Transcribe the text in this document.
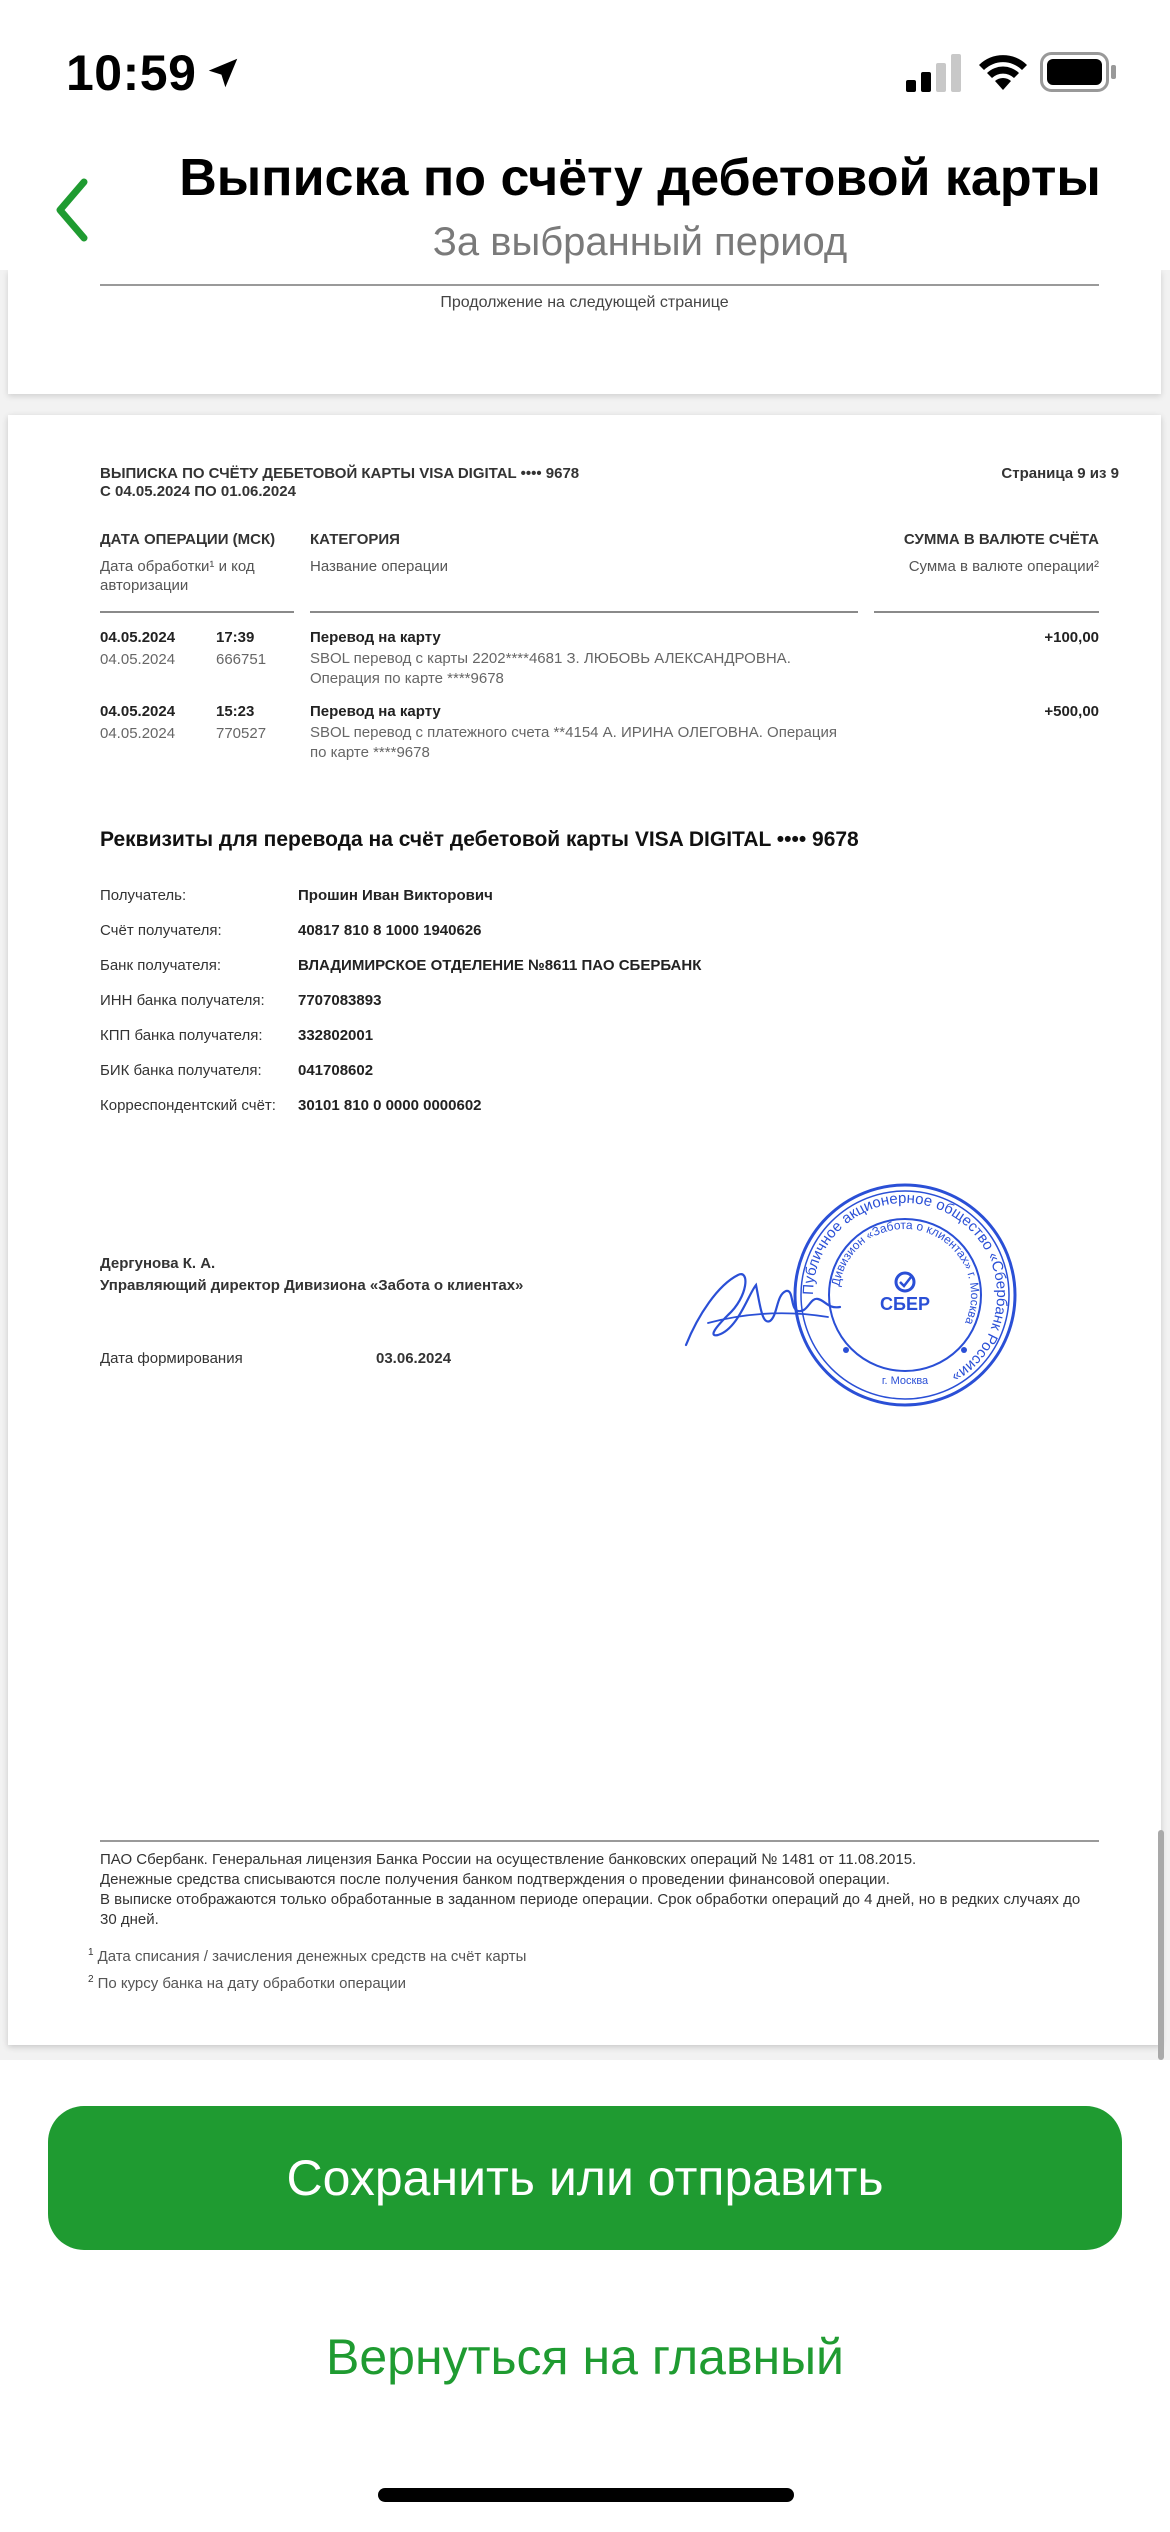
10:59
Выписка по счёту дебетовой карты
За выбранный период
Продолжение на следующей странице
ВЫПИСКА ПО СЧЁТУ ДЕБЕТОВОЙ КАРТЫ VISA DIGITAL •••• 9678
С 04.05.2024 ПО 01.06.2024
Страница 9 из 9
ДАТА ОПЕРАЦИИ (МСК)
Дата обработки¹ и код авторизации
КАТЕГОРИЯ
Название операции
СУММА В ВАЛЮТЕ СЧЁТА
Сумма в валюте операции²
04.05.2024	17:39
04.05.2024	666751
Перевод на карту
SBOL перевод с карты 2202****4681 З. ЛЮБОВЬ АЛЕКСАНДРОВНА. Операция по карте ****9678
+100,00
04.05.2024	15:23
04.05.2024	770527
Перевод на карту
SBOL перевод с платежного счета **4154 А. ИРИНА ОЛЕГОВНА. Операция по карте ****9678
+500,00
Реквизиты для перевода на счёт дебетовой карты VISA DIGITAL •••• 9678
Получатель:	Прошин Иван Викторович
Счёт получателя:	40817 810 8 1000 1940626
Банк получателя:	ВЛАДИМИРСКОЕ ОТДЕЛЕНИЕ №8611 ПАО СБЕРБАНК
ИНН банка получателя: 7707083893
КПП банка получателя: 332802001
БИК банка получателя: 041708602
Корреспондентский счёт: 30101 810 0 0000 0000602
Дергунова К. А.
Управляющий директор Дивизиона «Забота о клиентах»
Дата формирования	03.06.2024
Публичное акционерное общество «Сбербанк России»
Дивизион «Забота о клиентах» г. Москва
СБЕР
г. Москва
ПАО Сбербанк. Генеральная лицензия Банка России на осуществление банковских операций № 1481 от 11.08.2015.
Денежные средства списываются после получения банком подтверждения о проведении финансовой операции.
В выписке отображаются только обработанные в заданном периоде операции. Срок обработки операций до 4 дней, но в редких случаях до 30 дней.
$^1$ Дата списания / зачисления денежных средств на счёт карты
$^2$ По курсу банка на дату обработки операции
Сохранить или отправить
Вернуться на главный
